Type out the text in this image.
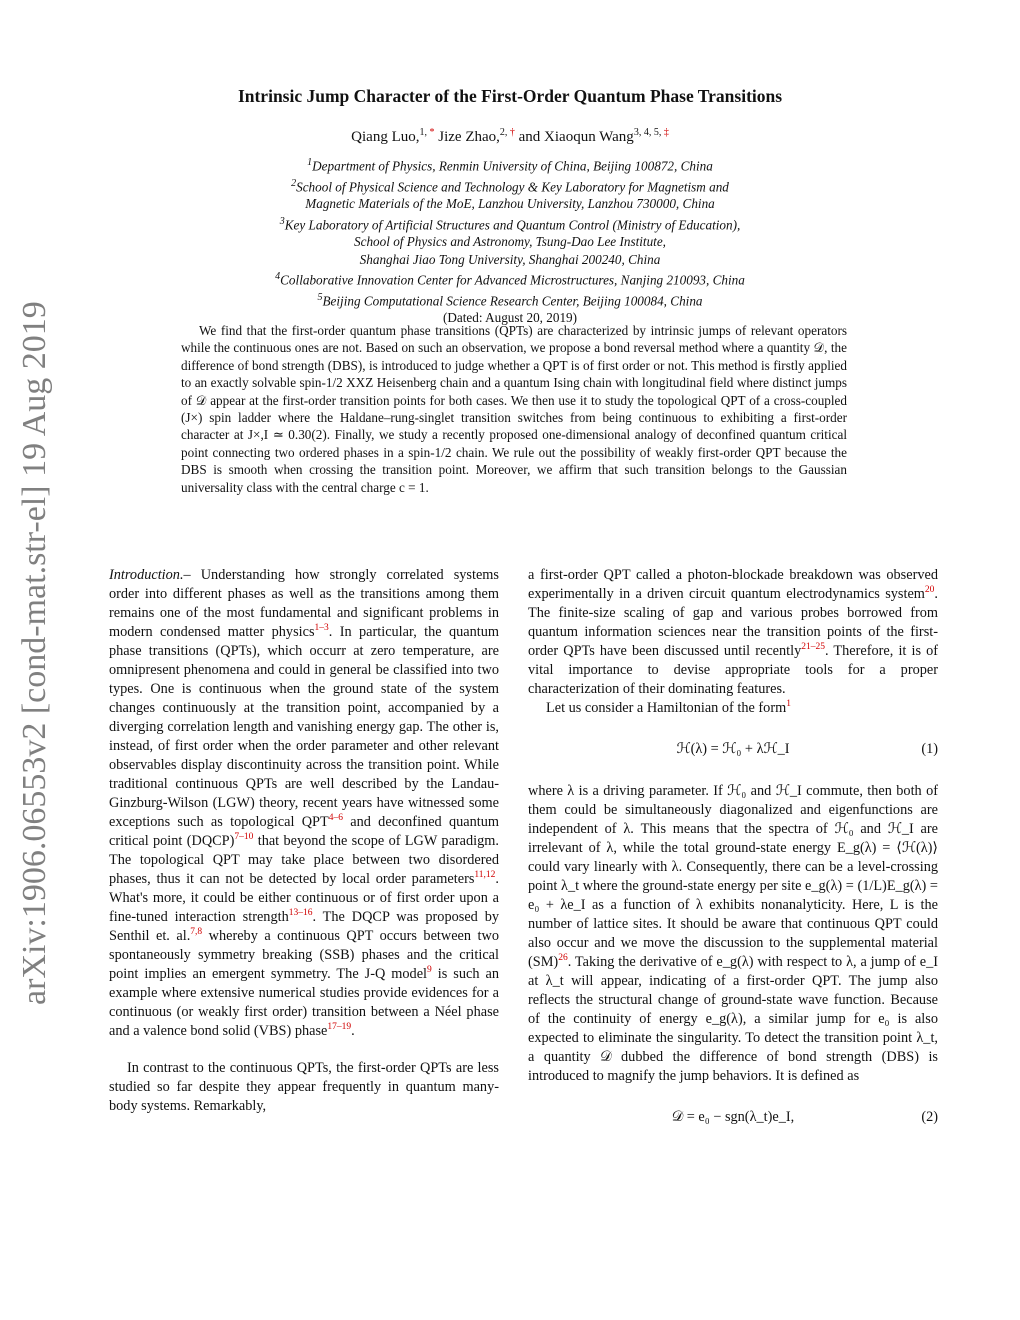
arXiv:1906.06553v2 [cond-mat.str-el] 19 Aug 2019
Intrinsic Jump Character of the First-Order Quantum Phase Transitions
Qiang Luo,$^{1,}$ * Jize Zhao,$^{2,}$ † and Xiaoqun Wang$^{3, 4, 5,}$ ‡
$^1$Department of Physics, Renmin University of China, Beijing 100872, China
$^2$School of Physical Science and Technology & Key Laboratory for Magnetism and
Magnetic Materials of the MoE, Lanzhou University, Lanzhou 730000, China
$^3$Key Laboratory of Artificial Structures and Quantum Control (Ministry of Education),
School of Physics and Astronomy, Tsung-Dao Lee Institute,
Shanghai Jiao Tong University, Shanghai 200240, China
$^4$Collaborative Innovation Center for Advanced Microstructures, Nanjing 210093, China
$^5$Beijing Computational Science Research Center, Beijing 100084, China
(Dated: August 20, 2019)

We find that the first-order quantum phase transitions (QPTs) are characterized by intrinsic jumps of relevant operators while the continuous ones are not. Based on such an observation, we propose a bond reversal method where a quantity 𝒟, the difference of bond strength (DBS), is introduced to judge whether a QPT is of first order or not. This method is firstly applied to an exactly solvable spin-1/2 XXZ Heisenberg chain and a quantum Ising chain with longitudinal field where distinct jumps of 𝒟 appear at the first-order transition points for both cases. We then use it to study the topological QPT of a cross-coupled (J×) spin ladder where the Haldane–rung-singlet transition switches from being continuous to exhibiting a first-order character at J×,I ≃ 0.30(2). Finally, we study a recently proposed one-dimensional analogy of deconfined quantum critical point connecting two ordered phases in a spin-1/2 chain. We rule out the possibility of weakly first-order QPT because the DBS is smooth when crossing the transition point. Moreover, we affirm that such transition belongs to the Gaussian universality class with the central charge c = 1.

Introduction.– Understanding how strongly correlated systems order into different phases as well as the transitions among them remains one of the most fundamental and significant problems in modern condensed matter physics$^{1-3}$. In particular, the quantum phase transitions (QPTs), which occurr at zero temperature, are omnipresent phenomena and could in general be classified into two types. One is continuous when the ground state of the system changes continuously at the transition point, accompanied by a diverging correlation length and vanishing energy gap. The other is, instead, of first order when the order parameter and other relevant observables display discontinuity across the transition point. While traditional continuous QPTs are well described by the Landau-Ginzburg-Wilson (LGW) theory, recent years have witnessed some exceptions such as topological QPT$^{4-6}$ and deconfined quantum critical point (DQCP)$^{7-10}$ that beyond the scope of LGW paradigm. The topological QPT may take place between two disordered phases, thus it can not be detected by local order parameters$^{11,12}$. What's more, it could be either continuous or of first order upon a fine-tuned interaction strength$^{13-16}$. The DQCP was proposed by Senthil et. al.$^{7,8}$ whereby a continuous QPT occurs between two spontaneously symmetry breaking (SSB) phases and the critical point implies an emergent symmetry. The J-Q model$^9$ is such an example where extensive numerical studies provide evidences for a continuous (or weakly first order) transition between a Néel phase and a valence bond solid (VBS) phase$^{17-19}$.

In contrast to the continuous QPTs, the first-order QPTs are less studied so far despite they appear frequently in quantum many-body systems. Remarkably,

a first-order QPT called a photon-blockade breakdown was observed experimentally in a driven circuit quantum electrodynamics system$^{20}$. The finite-size scaling of gap and various probes borrowed from quantum information sciences near the transition points of the first-order QPTs have been discussed until recently$^{21-25}$. Therefore, it is of vital importance to devise appropriate tools for a proper characterization of their dominating features.

Let us consider a Hamiltonian of the form$^1$

ℋ(λ) = ℋ₀ + λℋ_I	(1)

where λ is a driving parameter. If ℋ₀ and ℋ_I commute, then both of them could be simultaneously diagonalized and eigenfunctions are independent of λ. This means that the spectra of ℋ₀ and ℋ_I are irrelevant of λ, while the total ground-state energy E_g(λ) = ⟨ℋ(λ)⟩ could vary linearly with λ. Consequently, there can be a level-crossing point λ_t where the ground-state energy per site e_g(λ) = (1/L)E_g(λ) = e₀ + λe_I as a function of λ exhibits nonanalyticity. Here, L is the number of lattice sites. It should be aware that continuous QPT could also occur and we move the discussion to the supplemental material (SM)$^{26}$. Taking the derivative of e_g(λ) with respect to λ, a jump of e_I at λ_t will appear, indicating of a first-order QPT. The jump also reflects the structural change of ground-state wave function. Because of the continuity of energy e_g(λ), a similar jump for e₀ is also expected to eliminate the singularity. To detect the transition point λ_t, a quantity 𝒟 dubbed the difference of bond strength (DBS) is introduced to magnify the jump behaviors. It is defined as

𝒟 = e₀ − sgn(λ_t)e_I,	(2)
